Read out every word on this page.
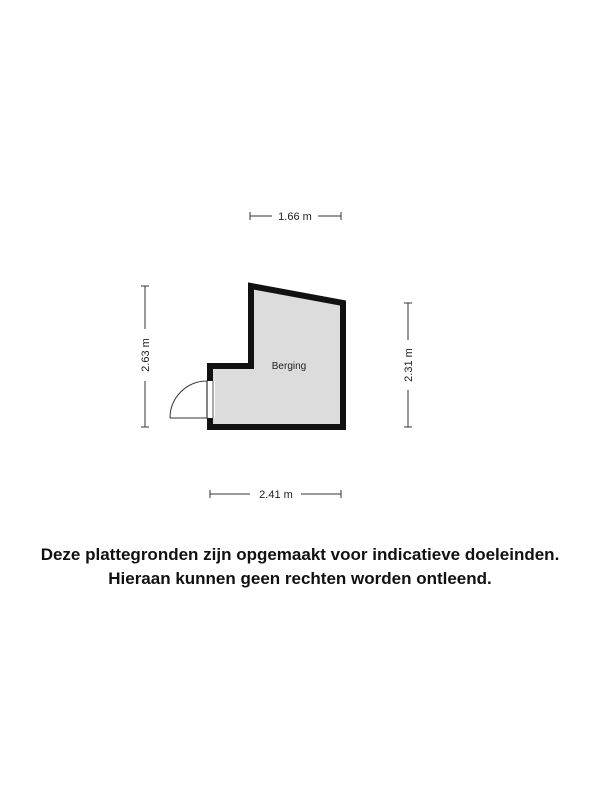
Berging
1.66 m
2.41 m
2.63 m	2.31 m
Deze plattegronden zijn opgemaakt voor indicatieve doeleinden.
Hieraan kunnen geen rechten worden ontleend.
